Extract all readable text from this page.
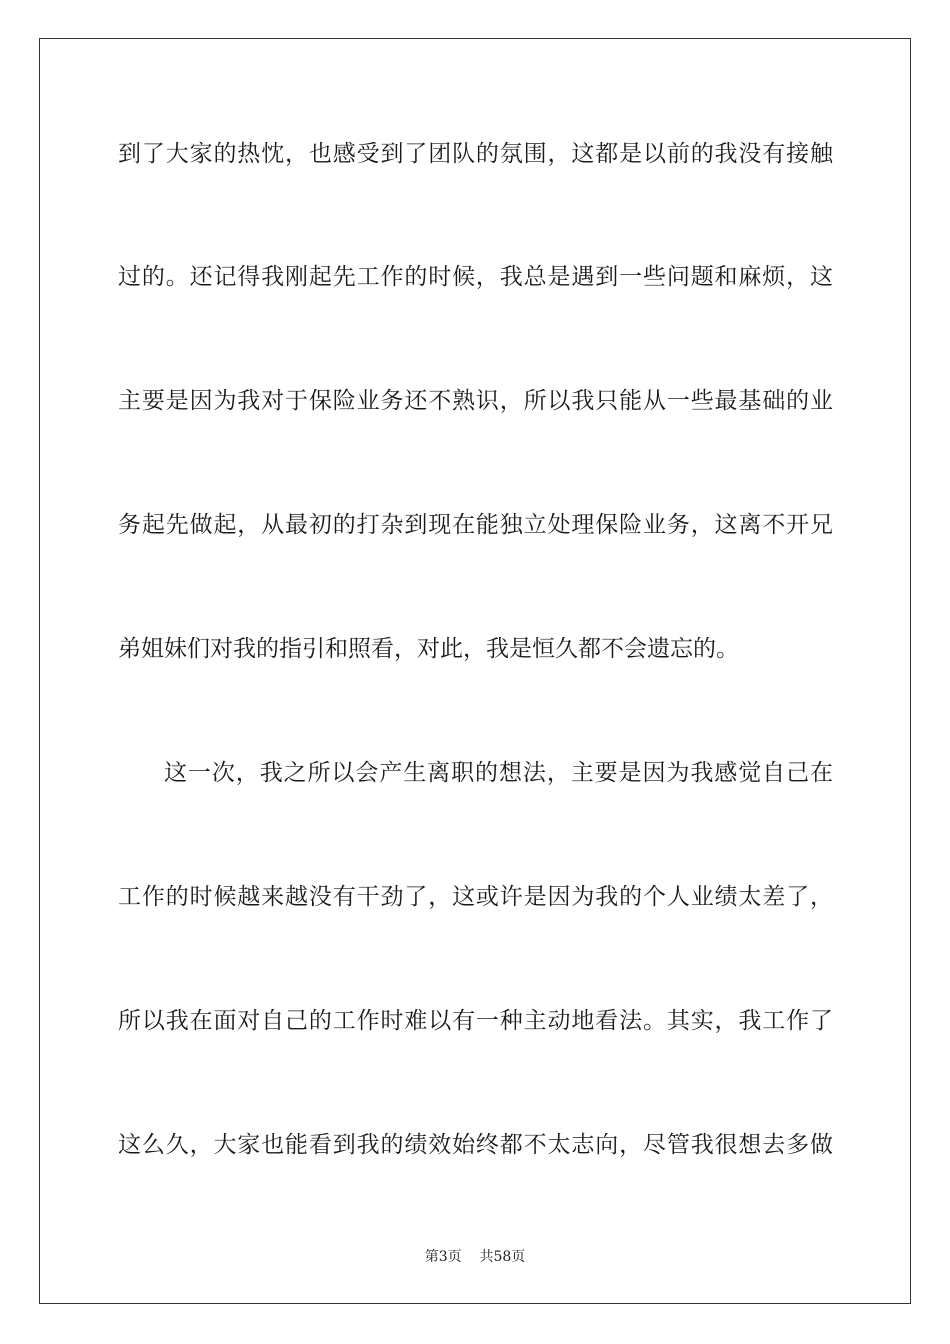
到了大家的热忱，也感受到了团队的氛围，这都是以前的我没有接触
过的。还记得我刚起先工作的时候，我总是遇到一些问题和麻烦，这
主要是因为我对于保险业务还不熟识，所以我只能从一些最基础的业
务起先做起，从最初的打杂到现在能独立处理保险业务，这离不开兄
弟姐妹们对我的指引和照看，对此，我是恒久都不会遗忘的。
这一次，我之所以会产生离职的想法，主要是因为我感觉自己在
工作的时候越来越没有干劲了，这或许是因为我的个人业绩太差了，
所以我在面对自己的工作时难以有一种主动地看法。其实，我工作了
这么久，大家也能看到我的绩效始终都不太志向，尽管我很想去多做
第3页 共58页
